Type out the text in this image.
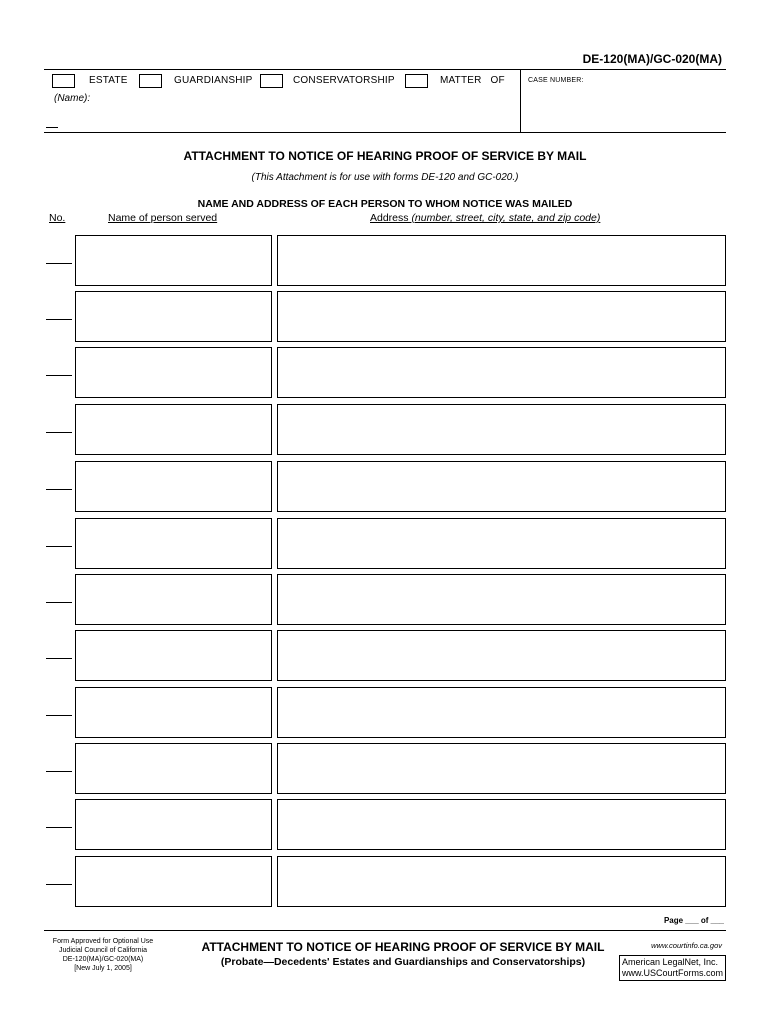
DE-120(MA)/GC-020(MA)
ESTATE	GUARDIANSHIP	CONSERVATORSHIP	MATTER   OF
(Name):
CASE NUMBER:
ATTACHMENT TO NOTICE OF HEARING PROOF OF SERVICE BY MAIL
(This Attachment is for use with forms DE-120 and GC-020.)
NAME AND ADDRESS OF EACH PERSON TO WHOM NOTICE WAS MAILED
No.	Name of person served	Address (number, street, city, state, and zip code)
Page ___ of ___
Form Approved for Optional Use
Judicial Council of California
DE-120(MA)/GC-020(MA)
[New July 1, 2005]
ATTACHMENT TO NOTICE OF HEARING PROOF OF SERVICE BY MAIL
(Probate—Decedents' Estates and Guardianships and Conservatorships)
www.courtinfo.ca.gov
American LegalNet, Inc.
www.USCourtForms.com
